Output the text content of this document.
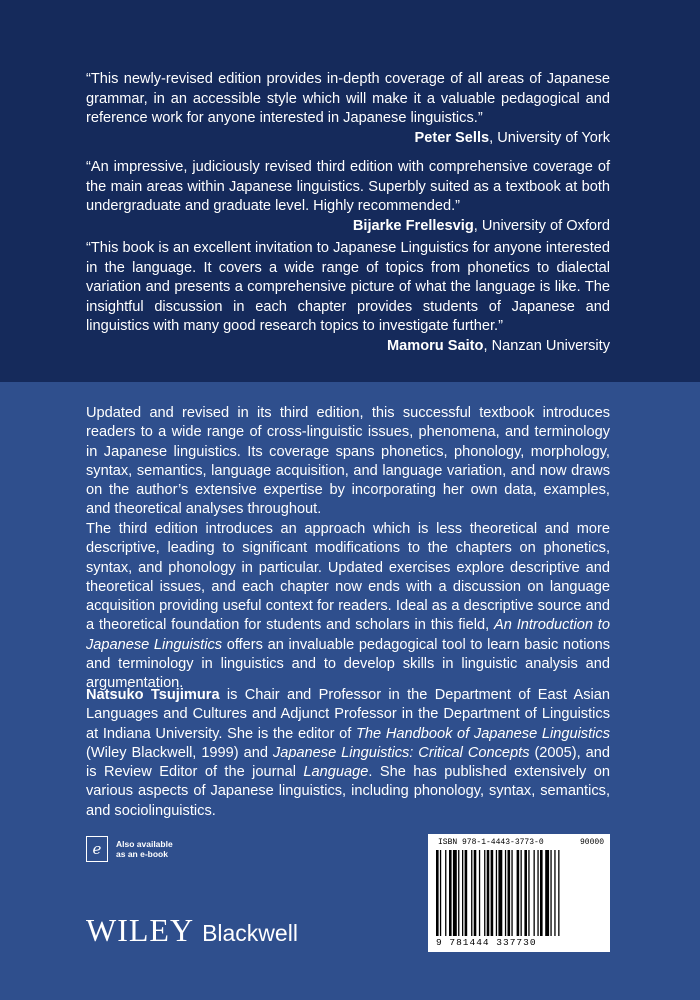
“This newly-revised edition provides in-depth coverage of all areas of Japanese grammar, in an accessible style which will make it a valuable pedagogical and reference work for anyone interested in Japanese linguistics.”
Peter Sells, University of York
“An impressive, judiciously revised third edition with comprehensive coverage of the main areas within Japanese linguistics. Superbly suited as a textbook at both undergraduate and graduate level. Highly recommended.”
Bijarke Frellesvig, University of Oxford
“This book is an excellent invitation to Japanese Linguistics for anyone interested in the language. It covers a wide range of topics from phonetics to dialectal variation and presents a comprehensive picture of what the language is like. The insightful discussion in each chapter provides students of Japanese and linguistics with many good research topics to investigate further.”
Mamoru Saito, Nanzan University
Updated and revised in its third edition, this successful textbook introduces readers to a wide range of cross-linguistic issues, phenomena, and terminology in Japanese linguistics. Its coverage spans phonetics, phonology, morphology, syntax, semantics, language acquisition, and language variation, and now draws on the author’s extensive expertise by incorporating her own data, examples, and theoretical analyses throughout.
The third edition introduces an approach which is less theoretical and more descriptive, leading to significant modifications to the chapters on phonetics, syntax, and phonology in particular. Updated exercises explore descriptive and theoretical issues, and each chapter now ends with a discussion on language acquisition providing useful context for readers. Ideal as a descriptive source and a theoretical foundation for students and scholars in this field, An Introduction to Japanese Linguistics offers an invaluable pedagogical tool to learn basic notions and terminology in linguistics and to develop skills in linguistic analysis and argumentation.
Natsuko Tsujimura is Chair and Professor in the Department of East Asian Languages and Cultures and Adjunct Professor in the Department of Linguistics at Indiana University. She is the editor of The Handbook of Japanese Linguistics (Wiley Blackwell, 1999) and Japanese Linguistics: Critical Concepts (2005), and is Review Editor of the journal Language. She has published extensively on various aspects of Japanese linguistics, including phonology, syntax, semantics, and sociolinguistics.
e Also available
as an e-book
WILEY Blackwell
ISBN 978-1-4443-3773-0	90000
9 781444 337730
